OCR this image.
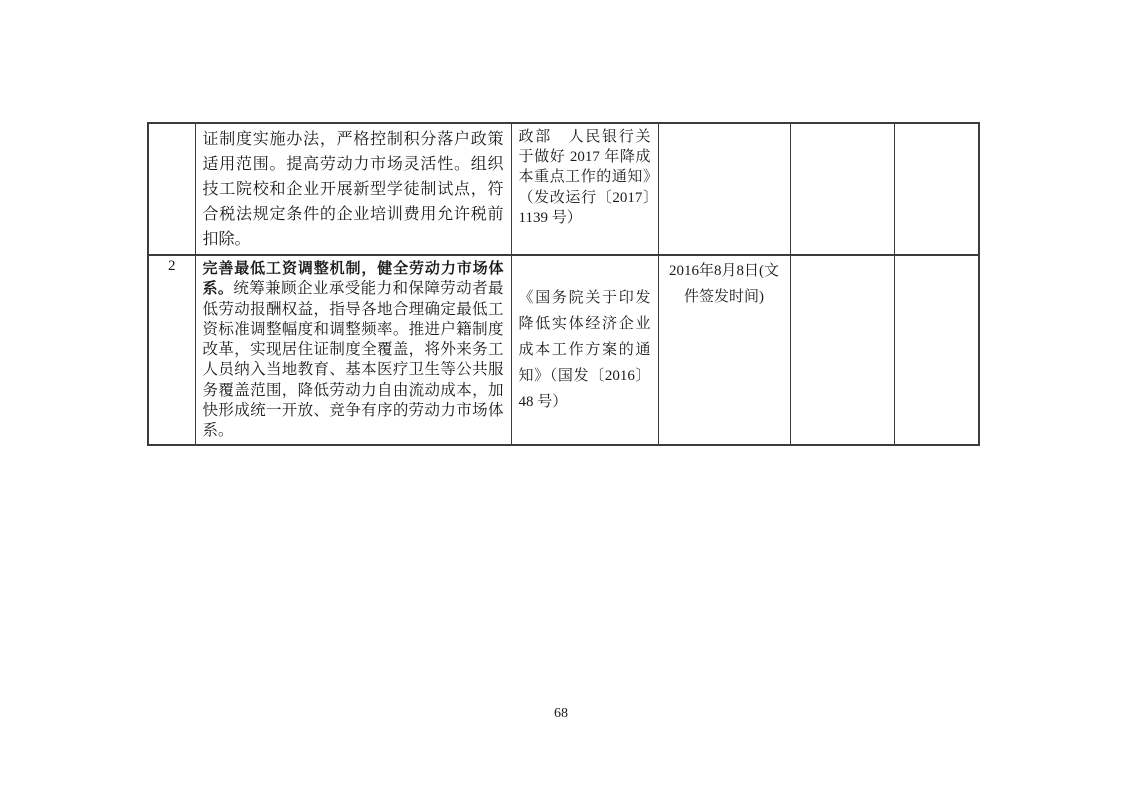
	证制度实施办法，严格控制积分落户政策适用范围。提高劳动力市场灵活性。组织技工院校和企业开展新型学徒制试点，符合税法规定条件的企业培训费用允许税前扣除。	政部　人民银行关于做好 2017 年降成本重点工作的通知》（发改运行〔2017〕1139 号）			
2	完善最低工资调整机制，健全劳动力市场体系。统筹兼顾企业承受能力和保障劳动者最低劳动报酬权益，指导各地合理确定最低工资标准调整幅度和调整频率。推进户籍制度改革，实现居住证制度全覆盖，将外来务工人员纳入当地教育、基本医疗卫生等公共服务覆盖范围，降低劳动力自由流动成本，加快形成统一开放、竞争有序的劳动力市场体系。	《国务院关于印发降低实体经济企业成本工作方案的通知》（国发〔2016〕48 号）	2016年8月8日(文件签发时间)		
68
